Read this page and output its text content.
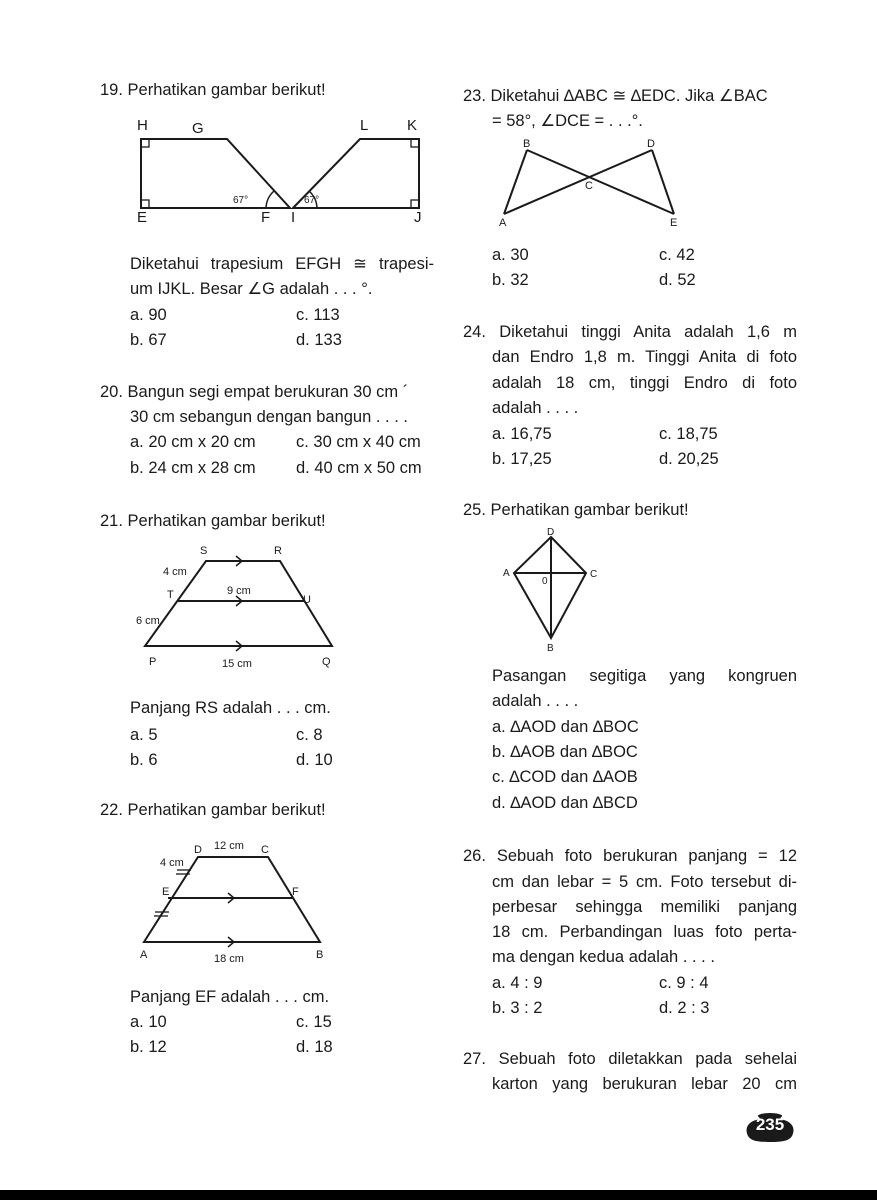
19. Perhatikan gambar berikut!
H	G
E	F
L	K
I	J
67°	67°
Diketahui trapesium EFGH ≅ trapesi-
um IJKL. Besar ∠G adalah . . . °.
a. 90	c. 113
b. 67	d. 133
20. Bangun segi empat berukuran 30 cm ´
30 cm sebangun dengan bangun . . . .
a. 20 cm x 20 cm c. 30 cm x 40 cm
b. 24 cm x 28 cm d. 40 cm x 50 cm
21. Perhatikan gambar berikut!
S	R
T	U
P	Q
4 cm
9 cm
6 cm
15 cm
Panjang RS adalah . . . cm.
a. 5	c. 8
b. 6	d. 10
22. Perhatikan gambar berikut!
D 12 cm C
4 cm
E	F
A	18 cm	B
Panjang EF adalah . . . cm.
a. 10	c. 15
b. 12	d. 18
23. Diketahui ∆ABC ≅ ∆EDC. Jika ∠BAC
= 58°, ∠DCE = . . .°.
B	D
C
A	E
a. 30	c. 42
b. 32	d. 52
24. Diketahui tinggi Anita adalah 1,6 m
dan Endro 1,8 m. Tinggi Anita di foto
adalah 18 cm, tinggi Endro di foto
adalah . . . .
a. 16,75	c. 18,75
b. 17,25	d. 20,25
25. Perhatikan gambar berikut!
D
A	C
0
B
Pasangan segitiga yang kongruen
adalah . . . .
a. ∆AOD dan ∆BOC
b. ∆AOB dan ∆BOC
c. ∆COD dan ∆AOB
d. ∆AOD dan ∆BCD
26. Sebuah foto berukuran panjang = 12
cm dan lebar = 5 cm. Foto tersebut di-
perbesar sehingga memiliki panjang
18 cm. Perbandingan luas foto perta-
ma dengan kedua adalah . . . .
a. 4 : 9	c. 9 : 4
b. 3 : 2	d. 2 : 3
27. Sebuah foto diletakkan pada sehelai
karton yang berukuran lebar 20 cm
235
